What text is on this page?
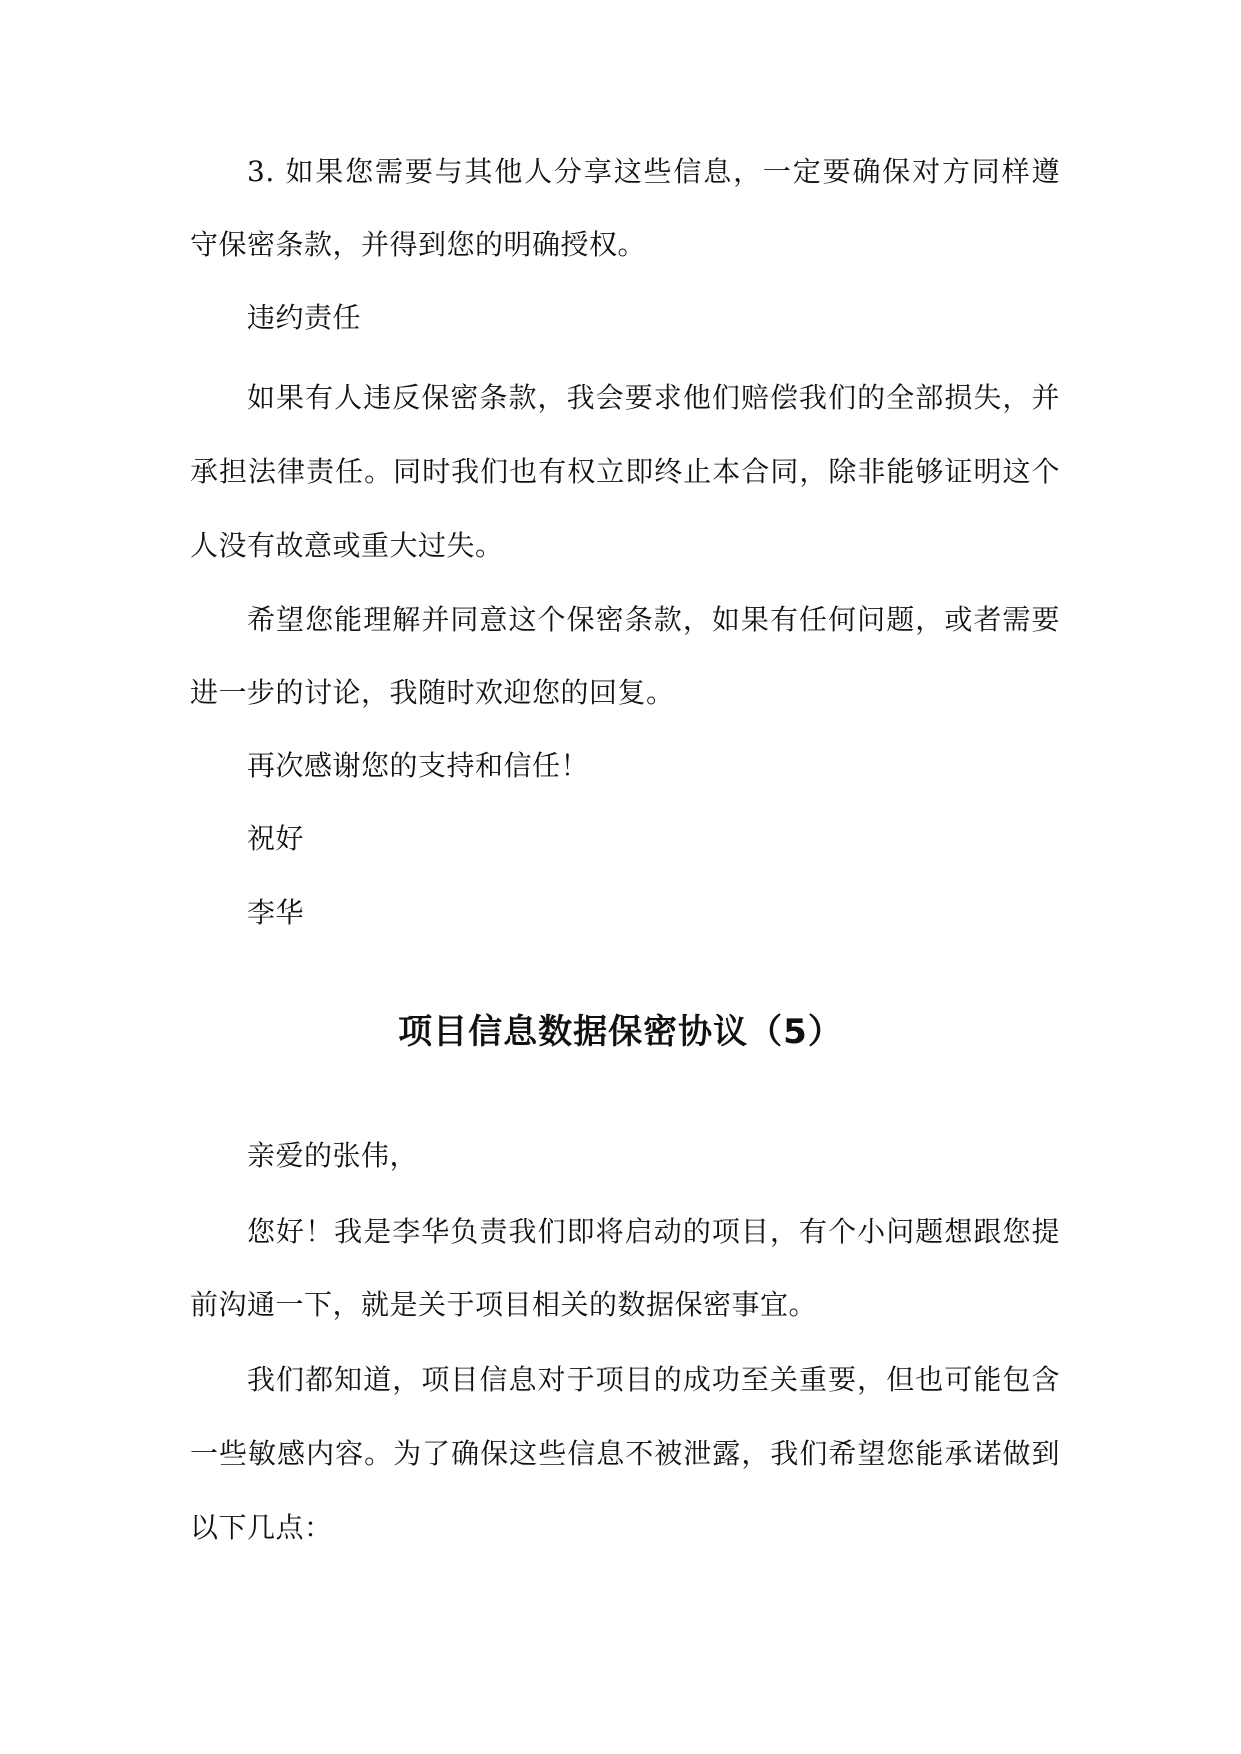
3. 如果您需要与其他人分享这些信息，一定要确保对方同样遵
守保密条款，并得到您的明确授权。
违约责任
如果有人违反保密条款，我会要求他们赔偿我们的全部损失，并
承担法律责任。同时我们也有权立即终止本合同，除非能够证明这个
人没有故意或重大过失。
希望您能理解并同意这个保密条款，如果有任何问题，或者需要
进一步的讨论，我随时欢迎您的回复。
再次感谢您的支持和信任！
祝好
李华
项目信息数据保密协议（5）
亲爱的张伟，
您好！我是李华负责我们即将启动的项目，有个小问题想跟您提
前沟通一下，就是关于项目相关的数据保密事宜。
我们都知道，项目信息对于项目的成功至关重要，但也可能包含
一些敏感内容。为了确保这些信息不被泄露，我们希望您能承诺做到
以下几点：
